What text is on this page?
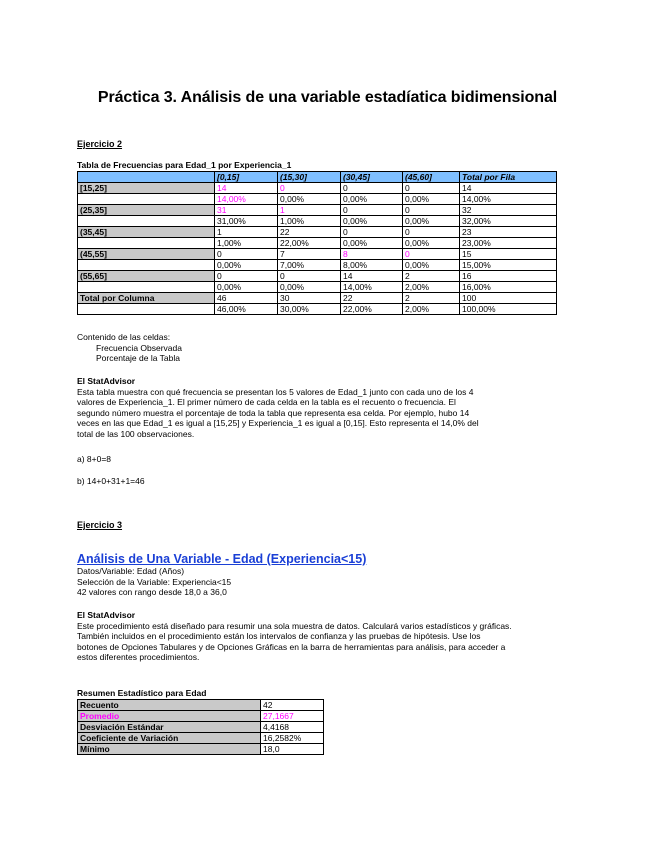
Práctica 3. Análisis de una variable estadíatica bidimensional
Ejercicio 2
Tabla de Frecuencias para Edad_1 por Experiencia_1
	[0,15]	(15,30]	(30,45]	(45,60]	Total por Fila
[15,25]	14	0	0	0	14
	14,00%	0,00%	0,00%	0,00%	14,00%
(25,35]	31	1	0	0	32
	31,00%	1,00%	0,00%	0,00%	32,00%
(35,45]	1	22	0	0	23
	1,00%	22,00%	0,00%	0,00%	23,00%
(45,55]	0	7	8	0	15
	0,00%	7,00%	8,00%	0,00%	15,00%
(55,65]	0	0	14	2	16
	0,00%	0,00%	14,00%	2,00%	16,00%
Total por Columna	46	30	22	2	100
	46,00%	30,00%	22,00%	2,00%	100,00%
Contenido de las celdas:
Frecuencia Observada
Porcentaje de la Tabla
El StatAdvisor
Esta tabla muestra con qué frecuencia se presentan los 5 valores de Edad_1 junto con cada uno de los 4
valores de Experiencia_1. El primer número de cada celda en la tabla es el recuento o frecuencia. El
segundo número muestra el porcentaje de toda la tabla que representa esa celda. Por ejemplo, hubo 14
veces en las que Edad_1 es igual a [15,25] y Experiencia_1 es igual a [0,15]. Esto representa el 14,0% del
total de las 100 observaciones.
a) 8+0=8
b) 14+0+31+1=46
Ejercicio 3
Análisis de Una Variable - Edad (Experiencia<15)
Datos/Variable: Edad (Años)
Selección de la Variable: Experiencia<15
42 valores con rango desde 18,0 a 36,0
El StatAdvisor
Este procedimiento está diseñado para resumir una sola muestra de datos. Calculará varios estadísticos y gráficas.
También incluidos en el procedimiento están los intervalos de confianza y las pruebas de hipótesis. Use los
botones de Opciones Tabulares y de Opciones Gráficas en la barra de herramientas para análisis, para acceder a
estos diferentes procedimientos.
Resumen Estadístico para Edad
Recuento	42
Promedio	27,1667
Desviación Estándar	4,4168
Coeficiente de Variación	16,2582%
Mínimo	18,0
